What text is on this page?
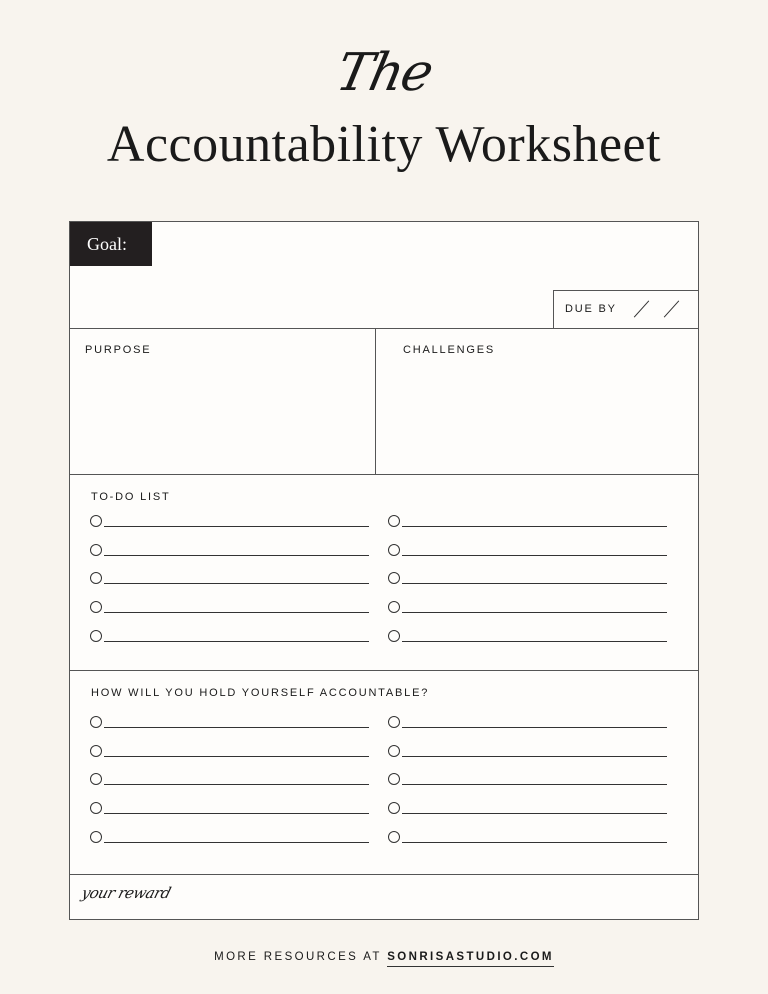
The
Accountability Worksheet
Goal:
DUE BY
PURPOSE	CHALLENGES
TO-DO LIST
HOW WILL YOU HOLD YOURSELF ACCOUNTABLE?
your reward
MORE RESOURCES AT SONRISASTUDIO.COM
